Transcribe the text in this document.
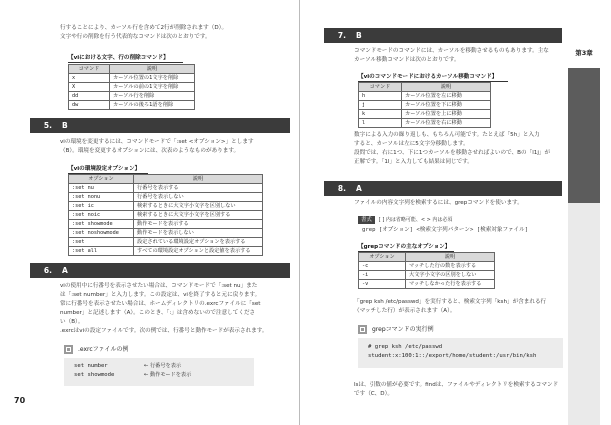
行することにより、カーソル行を含めて2行が削除されます（D）。
文字や行の削除を行う代表的なコマンドは次のとおりです。
【viにおける文字、行の削除コマンド】
コマンド	説明
x	カーソル位置の1文字を削除
X	カーソルの前の1文字を削除
dd	カーソル行を削除
dw	カーソルの後ろ1語を削除
5. B
viの環境を変更するには、コマンドモードで「:set <オプション>」とします
（B）。環境を変更するオプションには、次表のようなものがあります。
【viの環境設定オプション】
オプション	説明
:set nu	行番号を表示する
:set nonu	行番号を表示しない
:set ic	検索するときに大文字小文字を区別しない
:set noic	検索するときに大文字小文字を区別する
:set showmode	動作モードを表示する
:set noshowmode	動作モードを表示しない
:set	設定されている環境設定オプションを表示する
:set all	すべての環境設定オプションと設定値を表示する
6. A
viの使用中に行番号を表示させたい場合は、コマンドモードで「:set nu」また
は「:set number」と入力します。この設定は、viを終了すると元に戻ります。
常に行番号を表示させたい場合は、ホームディレクトリの.exrcファイルに「set
number」と記述します（A）。このとき、「:」は含めないので注意してくださ
い（B）。
.exrcはviの設定ファイルです。次の例では、行番号と動作モードが表示されます。
.exrcファイルの例
set number	← 行番号を表示
set showmode	← 動作モードを表示
70
7. B
コマンドモードのコマンドには、カーソルを移動させるものもあります。主な
カーソル移動コマンドは次のとおりです。
【viのコマンドモードにおけるカーソル移動コマンド】
コマンド	説明
h	カーソル位置を左に移動
j	カーソル位置を下に移動
k	カーソル位置を上に移動
l	カーソル位置を右に移動
数字による入力の繰り返しも、もちろん可能です。たとえば「5h」と入力
すると、カーソルは左に5文字分移動します。
設問では、右に1つ、下に1つカーソルを移動させればよいので、Bの「l1j」が
正解です。「1l」と入力しても結果は同じです。
8. A
ファイルの内容文字列を検索するには、grepコマンドを使います。
書式 [ ] 内は省略可能、< > 内は必須
grep [オプション] <検索文字列パターン> [検索対象ファイル]
【grepコマンドの主なオプション】
オプション	説明
-c	マッチした行の数を表示する
-i	大文字小文字の区別をしない
-v	マッチしなかった行を表示する
「grep ksh /etc/passwd」を実行すると、検索文字列「ksh」が含まれる行
（マッチした行）が表示されます（A）。
grepコマンドの実行例
# grep ksh /etc/passwd
student:x:100:1::/export/home/student:/usr/bin/ksh
lsは、引数の値が必要です。findは、ファイルやディレクトリを検索するコマンド
です（C、D）。
第3章
ファイルの編集と検索（問題）
